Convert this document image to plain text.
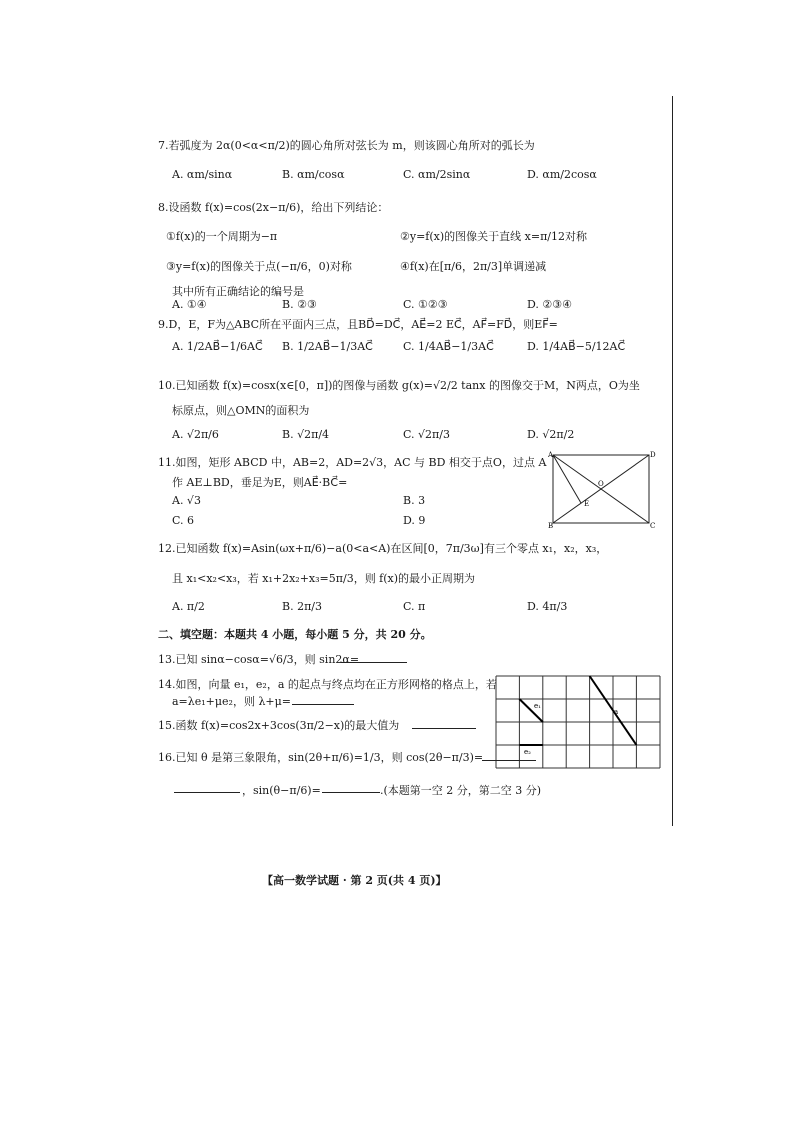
7.若弧度为 2α(0<α<π/2)的圆心角所对弦长为 m，则该圆心角所对的弧长为
A. αm/sinα	B. αm/cosα	C. αm/2sinα	D. αm/2cosα
8.设函数 f(x)=cos(2x−π/6)，给出下列结论：
①f(x)的一个周期为−π	②y=f(x)的图像关于直线 x=π/12对称
③y=f(x)的图像关于点(−π/6，0)对称	④f(x)在[π/6，2π/3]单调递减
其中所有正确结论的编号是
A. ①④	B. ②③	C. ①②③	D. ②③④
9.D，E，F为△ABC所在平面内三点，且BD⃗=DC⃗，AE⃗=2 EC⃗，AF⃗=FD⃗，则EF⃗=
A. 1/2AB⃗−1/6AC⃗ B. 1/2AB⃗−1/3AC⃗	C. 1/4AB⃗−1/3AC⃗	D. 1/4AB⃗−5/12AC⃗
10.已知函数 f(x)=cosx(x∈[0，π])的图像与函数 g(x)=√2/2 tanx 的图像交于M，N两点，O为坐
标原点，则△OMN的面积为
A. √2π/6	B. √2π/4	C. √2π/3	D. √2π/2
11.如图，矩形 ABCD 中，AB=2，AD=2√3，AC 与 BD 相交于点O，过点 A
作 AE⊥BD，垂足为E，则AE⃗·BC⃗=
A. √3	B. 3
C. 6	D. 9
A	D
O
E
B	C
12.已知函数 f(x)=Asin(ωx+π/6)−a(0<a<A)在区间[0，7π/3ω]有三个零点 x₁，x₂，x₃，
且 x₁<x₂<x₃，若 x₁+2x₂+x₃=5π/3，则 f(x)的最小正周期为
A. π/2	B. 2π/3	C. π	D. 4π/3
二、填空题：本题共 4 小题，每小题 5 分，共 20 分。
13.已知 sinα−cosα=√6/3，则 sin2α=
14.如图，向量 e₁，e₂，a 的起点与终点均在正方形网格的格点上，若
a=λe₁+μe₂，则 λ+μ=	e₁
a
e₂
15.函数 f(x)=cos2x+3cos(3π/2−x)的最大值为
16.已知 θ 是第三象限角，sin(2θ+π/6)=1/3，则 cos(2θ−π/3)=
，sin(θ−π/6)=	.(本题第一空 2 分，第二空 3 分)
【高一数学试题 · 第 2 页(共 4 页)】
